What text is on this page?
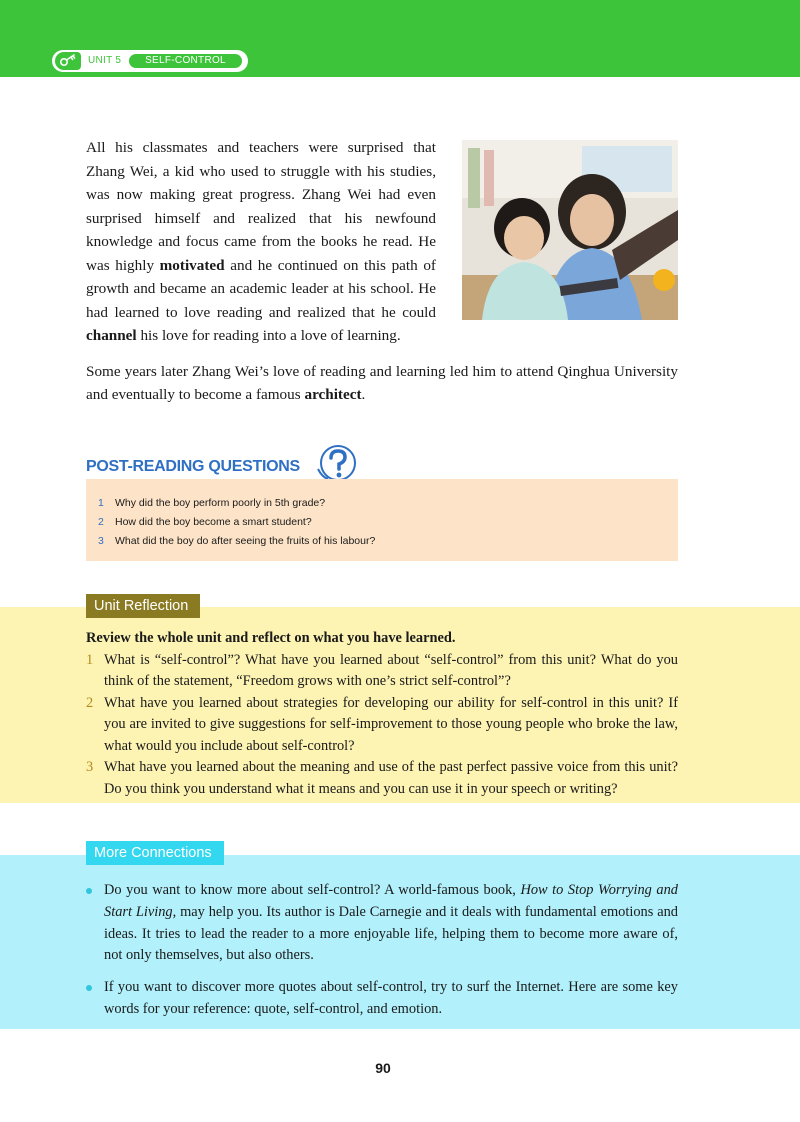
UNIT 5	SELF-CONTROL

All his classmates and teachers were surprised that Zhang Wei, a kid who used to struggle with his studies, was now making great progress. Zhang Wei had even surprised himself and realized that his newfound knowledge and focus came from the books he read. He was highly motivated and he continued on this path of growth and became an academic leader at his school. He had learned to love reading and realized that he could channel his love for reading into a love of learning.

Some years later Zhang Wei’s love of reading and learning led him to attend Qinghua University and eventually to become a famous architect.

POST-READING QUESTIONS
1 Why did the boy perform poorly in 5th grade?
2 How did the boy become a smart student?
3 What did the boy do after seeing the fruits of his labour?
Unit Reflection

Review the whole unit and reflect on what you have learned.

1 What is “self-control”? What have you learned about “self-control” from this unit? What do you think of the statement, “Freedom grows with one’s strict self-control”?
2 What have you learned about strategies for developing our ability for self-control in this unit? If you are invited to give suggestions for self-improvement to those young people who broke the law, what would you include about self-control?
3 What have you learned about the meaning and use of the past perfect passive voice from this unit? Do you think you understand what it means and you can use it in your speech or writing?
More Connections
Do you want to know more about self-control? A world-famous book, How to Stop Worrying and Start Living, may help you. Its author is Dale Carnegie and it deals with fundamental emotions and ideas. It tries to lead the reader to a more enjoyable life, helping them to become more aware of, not only themselves, but also others.
If you want to discover more quotes about self-control, try to surf the Internet. Here are some key words for your reference: quote, self-control, and emotion.
90
